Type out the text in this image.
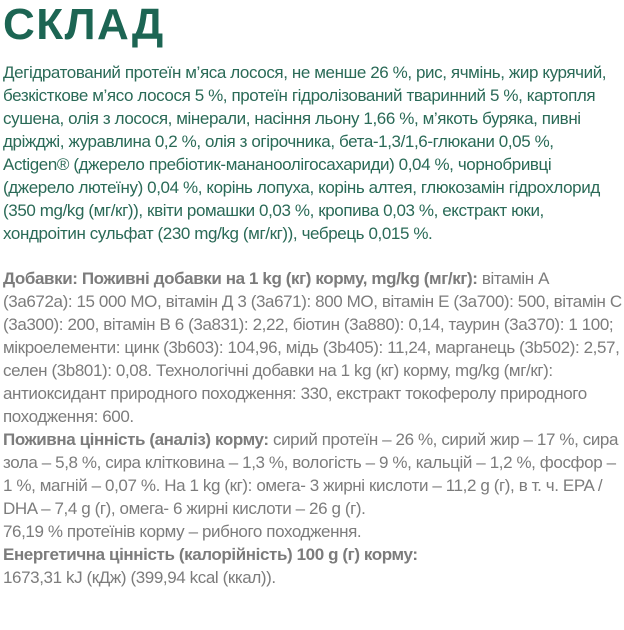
СКЛАД

Дегідратований протеїн м’яса лосося, не менше 26 %, рис, ячмінь, жир курячий, безкісткове м’ясо лосося 5 %, протеїн гідролізований тваринний 5 %, картопля сушена, олія з лосося, мінерали, насіння льону 1,66 %, м’якоть буряка, пивні дріжджі, журавлина 0,2 %, олія з огірочника, бета-1,3/1,6-глюкани 0,05 %, Actigen® (джерело пребіотик-мананоолігосахариди) 0,04 %, чорнобривці (джерело лютеїну) 0,04 %, корінь лопуха, корінь алтея, глюкозамін гідрохлорид (350 mg/kg (мг/кг)), квіти ромашки 0,03 %, кропива 0,03 %, екстракт юки, хондроітин сульфат (230 mg/kg (мг/кг)), чебрець 0,015 %.

Добавки: Поживні добавки на 1 kg (кг) корму, mg/kg (мг/кг): вітамін А (3а672а): 15 000 МО, вітамін Д 3 (3а671): 800 МО, вітамін Е (3а700): 500, вітамін С (3а300): 200, вітамін В 6 (3а831): 2,22, біотин (3а880): 0,14, таурин (3а370): 1 100; мікроелементи: цинк (3b603): 104,96, мідь (3b405): 11,24, марганець (3b502): 2,57, селен (3b801): 0,08. Технологічні добавки на 1 kg (кг) корму, mg/kg (мг/кг): антиоксидант природного походження: 330, екстракт токоферолу природного походження: 600.

Поживна цінність (аналіз) корму: сирий протеїн – 26 %, сирий жир – 17 %, сира зола – 5,8 %, сира клітковина – 1,3 %, вологість – 9 %, кальцій – 1,2 %, фосфор – 1 %, магній – 0,07 %. На 1 kg (кг): омега- 3 жирні кислоти – 11,2 g (г), в т. ч. EPA / DHA – 7,4 g (г), омега- 6 жирні кислоти – 26 g (г).

76,19 % протеїнів корму – рибного походження.

Енергетична цінність (калорійність) 100 g (г) корму:

1673,31 kJ (кДж) (399,94 kcal (ккал)).
